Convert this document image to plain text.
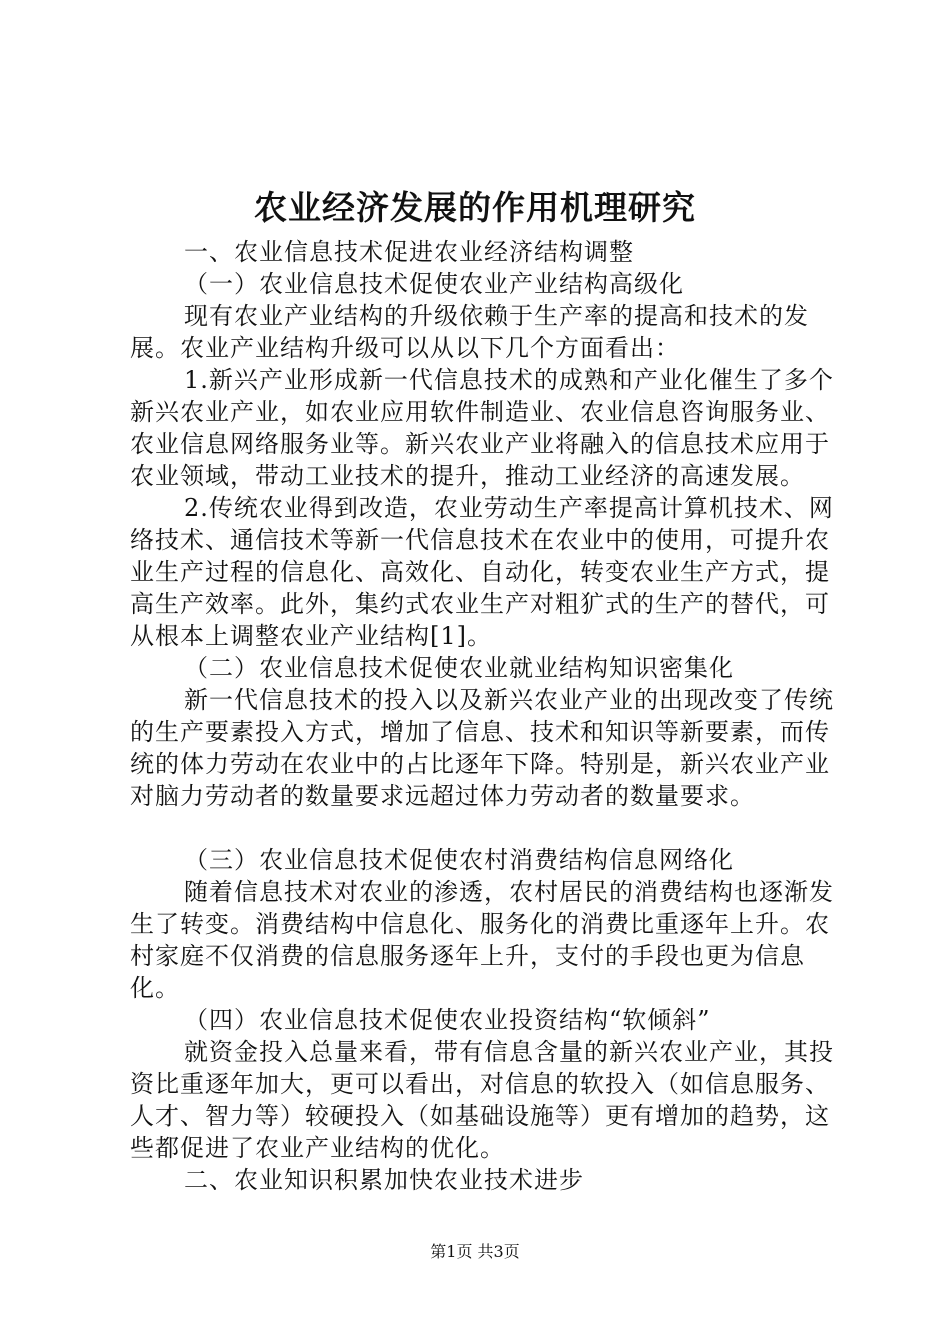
农业经济发展的作用机理研究

一、农业信息技术促进农业经济结构调整

（一）农业信息技术促使农业产业结构高级化

现有农业产业结构的升级依赖于生产率的提高和技术的发展。农业产业结构升级可以从以下几个方面看出：

1.新兴产业形成新一代信息技术的成熟和产业化催生了多个新兴农业产业，如农业应用软件制造业、农业信息咨询服务业、农业信息网络服务业等。新兴农业产业将融入的信息技术应用于农业领域，带动工业技术的提升，推动工业经济的高速发展。

2.传统农业得到改造，农业劳动生产率提高计算机技术、网络技术、通信技术等新一代信息技术在农业中的使用，可提升农业生产过程的信息化、高效化、自动化，转变农业生产方式，提高生产效率。此外，集约式农业生产对粗犷式的生产的替代，可从根本上调整农业产业结构[1]。

（二）农业信息技术促使农业就业结构知识密集化

新一代信息技术的投入以及新兴农业产业的出现改变了传统的生产要素投入方式，增加了信息、技术和知识等新要素，而传统的体力劳动在农业中的占比逐年下降。特别是，新兴农业产业对脑力劳动者的数量要求远超过体力劳动者的数量要求。

（三）农业信息技术促使农村消费结构信息网络化

随着信息技术对农业的渗透，农村居民的消费结构也逐渐发生了转变。消费结构中信息化、服务化的消费比重逐年上升。农村家庭不仅消费的信息服务逐年上升，支付的手段也更为信息化。

（四）农业信息技术促使农业投资结构“软倾斜”

就资金投入总量来看，带有信息含量的新兴农业产业，其投资比重逐年加大，更可以看出，对信息的软投入（如信息服务、人才、智力等）较硬投入（如基础设施等）更有增加的趋势，这些都促进了农业产业结构的优化。

二、农业知识积累加快农业技术进步

第1页 共3页
